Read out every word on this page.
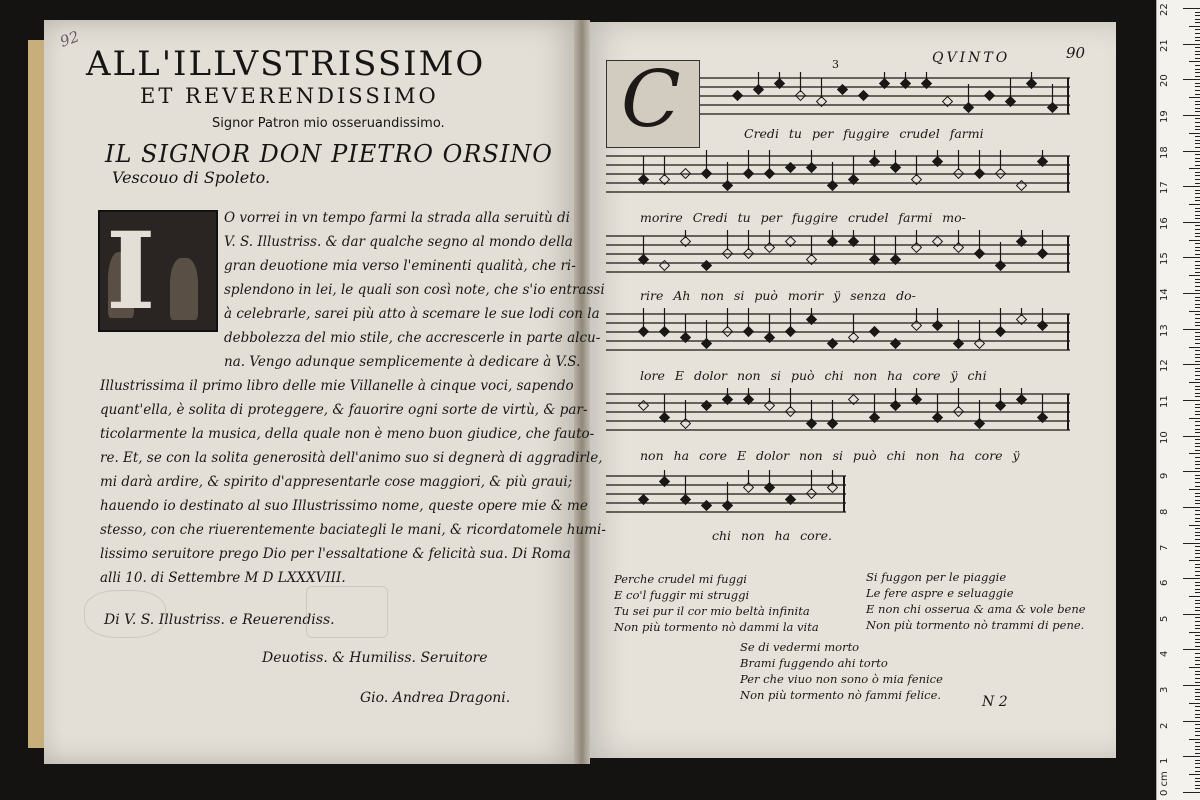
92
ALL'ILLVSTRISSIMO
ET REVERENDISSIMO
Signor Patron mio osseruandissimo.
IL SIGNOR DON PIETRO ORSINO
Vescouo di Spoleto.
I	O vorrei in vn tempo farmi la strada alla seruitù di
V. S. Illustriss. & dar qualche segno al mondo della
gran deuotione mia verso l'eminenti qualità, che ri-
splendono in lei, le quali son così note, che s'io entrassi
à celebrarle, sarei più atto à scemare le sue lodi con la
debbolezza del mio stile, che accrescerle in parte alcu-
na. Vengo adunque semplicemente à dedicare à V.S.
Illustrissima il primo libro delle mie Villanelle à cinque voci, sapendo
quant'ella, è solita di proteggere, & fauorire ogni sorte de virtù, & par-
ticolarmente la musica, della quale non è meno buon giudice, che fauto-
re. Et, se con la solita generosità dell'animo suo si degnerà di aggradirle,
mi darà ardire, & spirito d'appresentarle cose maggiori, & più graui;
hauendo io destinato al suo Illustrissimo nome, queste opere mie & me
stesso, con che riuerentemente baciategli le mani, & ricordatomele humi-
lissimo seruitore prego Dio per l'essaltatione & felicità sua. Di Roma
alli 10. di Settembre M D LXXXVIII.
Di V. S. Illustriss. e Reuerendiss.
Deuotiss. & Humiliss. Seruitore
Gio. Andrea Dragoni.
3	QVINTO	90
C	Credi tu per fuggire crudel farmi
morire Credi tu per fuggire crudel farmi mo-
rire Ah non si può morir ÿ senza do-
lore E dolor non si può chi non ha core ÿ chi
non ha core E dolor non si può chi non ha core ÿ
chi non ha core.
Perche crudel mi fuggi
E co'l fuggir mi struggi
Tu sei pur il cor mio beltà infinita
Non più tormento nò dammi la vita
Si fuggon per le piaggie
Le fere aspre e seluaggie
E non chi osserua & ama & vole bene
Non più tormento nò trammi di pene.
Se di vedermi morto
Brami fuggendo ahi torto
Per che viuo non sono ò mia fenice
Non più tormento nò fammi felice.	N 2
0 cm
1
2
3
4
5
6
7
8
9
10
11
12
13
14
15
16
17
18
19
20
21
22
